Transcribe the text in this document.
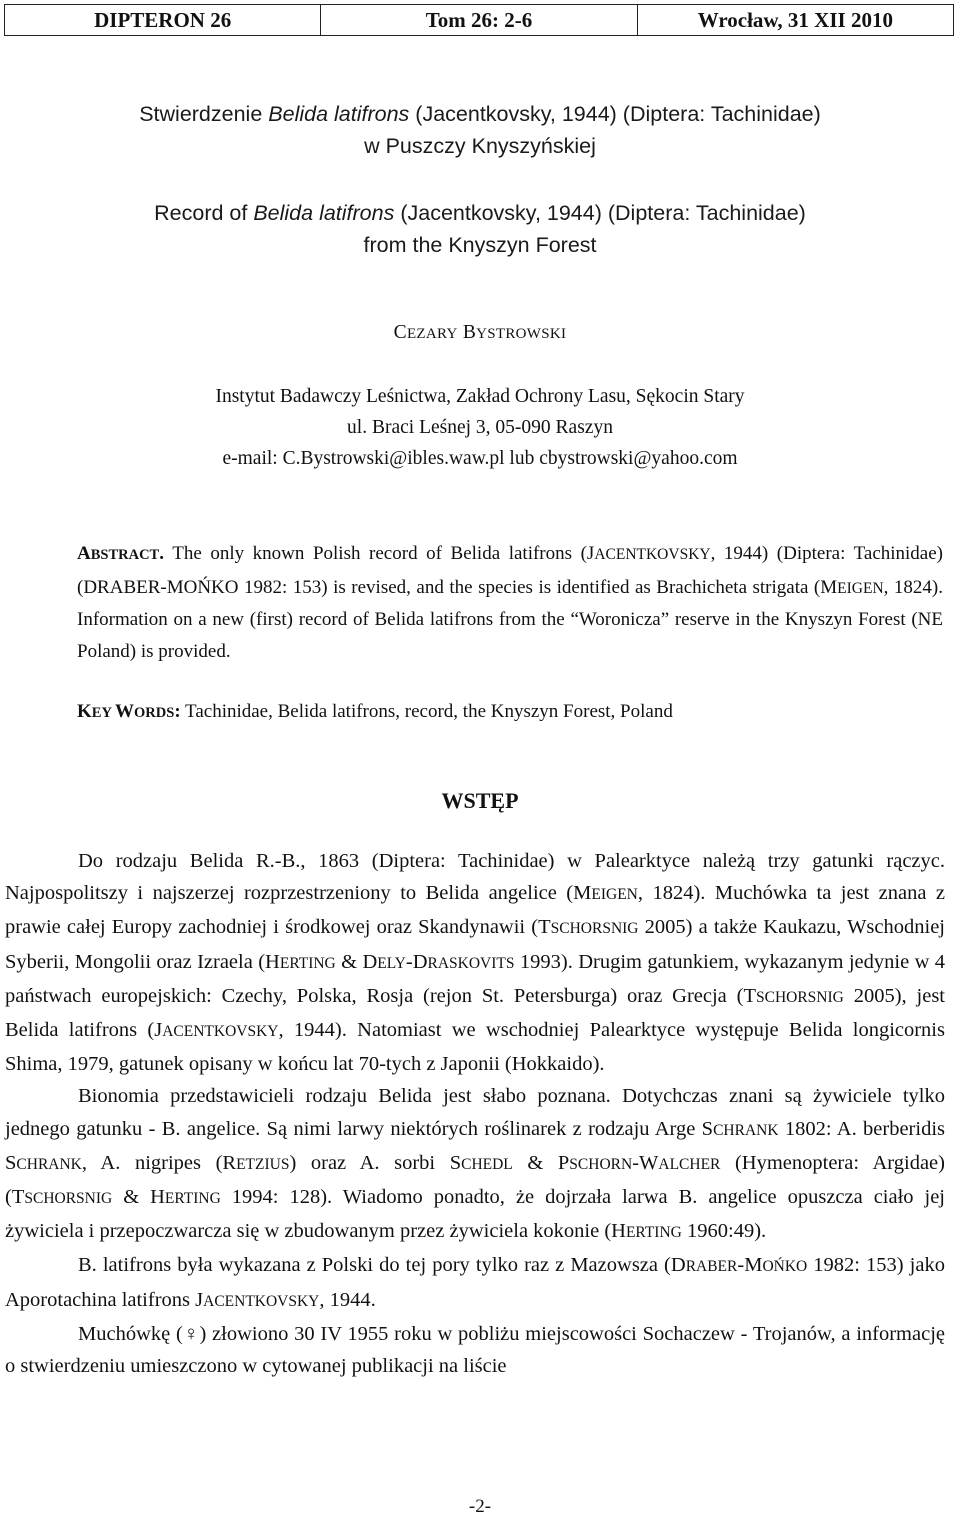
DIPTERON 26	Tom 26: 2-6	Wrocław, 31 XII 2010
Stwierdzenie Belida latifrons (Jacentkovsky, 1944) (Diptera: Tachinidae)
w Puszczy Knyszyńskiej
Record of Belida latifrons (Jacentkovsky, 1944) (Diptera: Tachinidae)
from the Knyszyn Forest
CEZARY BYSTROWSKI
Instytut Badawczy Leśnictwa, Zakład Ochrony Lasu, Sękocin Stary
ul. Braci Leśnej 3, 05-090 Raszyn
e-mail: C.Bystrowski@ibles.waw.pl lub cbystrowski@yahoo.com
ABSTRACT. The only known Polish record of Belida latifrons (JACENTKOVSKY, 1944) (Diptera: Tachinidae) (DRABER-MOŃKO 1982: 153) is revised, and the species is identified as Brachicheta strigata (MEIGEN, 1824). Information on a new (first) record of Belida latifrons from the “Woronicza” reserve in the Knyszyn Forest (NE Poland) is provided.
KEY WORDS: Tachinidae, Belida latifrons, record, the Knyszyn Forest, Poland
WSTĘP

Do rodzaju Belida R.-B., 1863 (Diptera: Tachinidae) w Palearktyce należą trzy gatunki rączyc. Najpospolitszy i najszerzej rozprzestrzeniony to Belida angelice (MEIGEN, 1824). Muchówka ta jest znana z prawie całej Europy zachodniej i środkowej oraz Skandynawii (TSCHORSNIG 2005) a także Kaukazu, Wschodniej Syberii, Mongolii oraz Izraela (HERTING & DELY-DRASKOVITS 1993). Drugim gatunkiem, wykazanym jedynie w 4 państwach europejskich: Czechy, Polska, Rosja (rejon St. Petersburga) oraz Grecja (TSCHORSNIG 2005), jest Belida latifrons (JACENTKOVSKY, 1944). Natomiast we wschodniej Palearktyce występuje Belida longicornis Shima, 1979, gatunek opisany w końcu lat 70-tych z Japonii (Hokkaido).

Bionomia przedstawicieli rodzaju Belida jest słabo poznana. Dotychczas znani są żywiciele tylko jednego gatunku - B. angelice. Są nimi larwy niektórych roślinarek z rodzaju Arge SCHRANK 1802: A. berberidis SCHRANK, A. nigripes (RETZIUS) oraz A. sorbi SCHEDL & PSCHORN-WALCHER (Hymenoptera: Argidae) (TSCHORSNIG & HERTING 1994: 128). Wiadomo ponadto, że dojrzała larwa B. angelice opuszcza ciało jej żywiciela i przepoczwarcza się w zbudowanym przez żywiciela kokonie (HERTING 1960:49).

B. latifrons była wykazana z Polski do tej pory tylko raz z Mazowsza (DRABER-MOŃKO 1982: 153) jako Aporotachina latifrons JACENTKOVSKY, 1944.

Muchówkę (♀) złowiono 30 IV 1955 roku w pobliżu miejscowości Sochaczew - Trojanów, a informację o stwierdzeniu umieszczono w cytowanej publikacji na liście

-2-
